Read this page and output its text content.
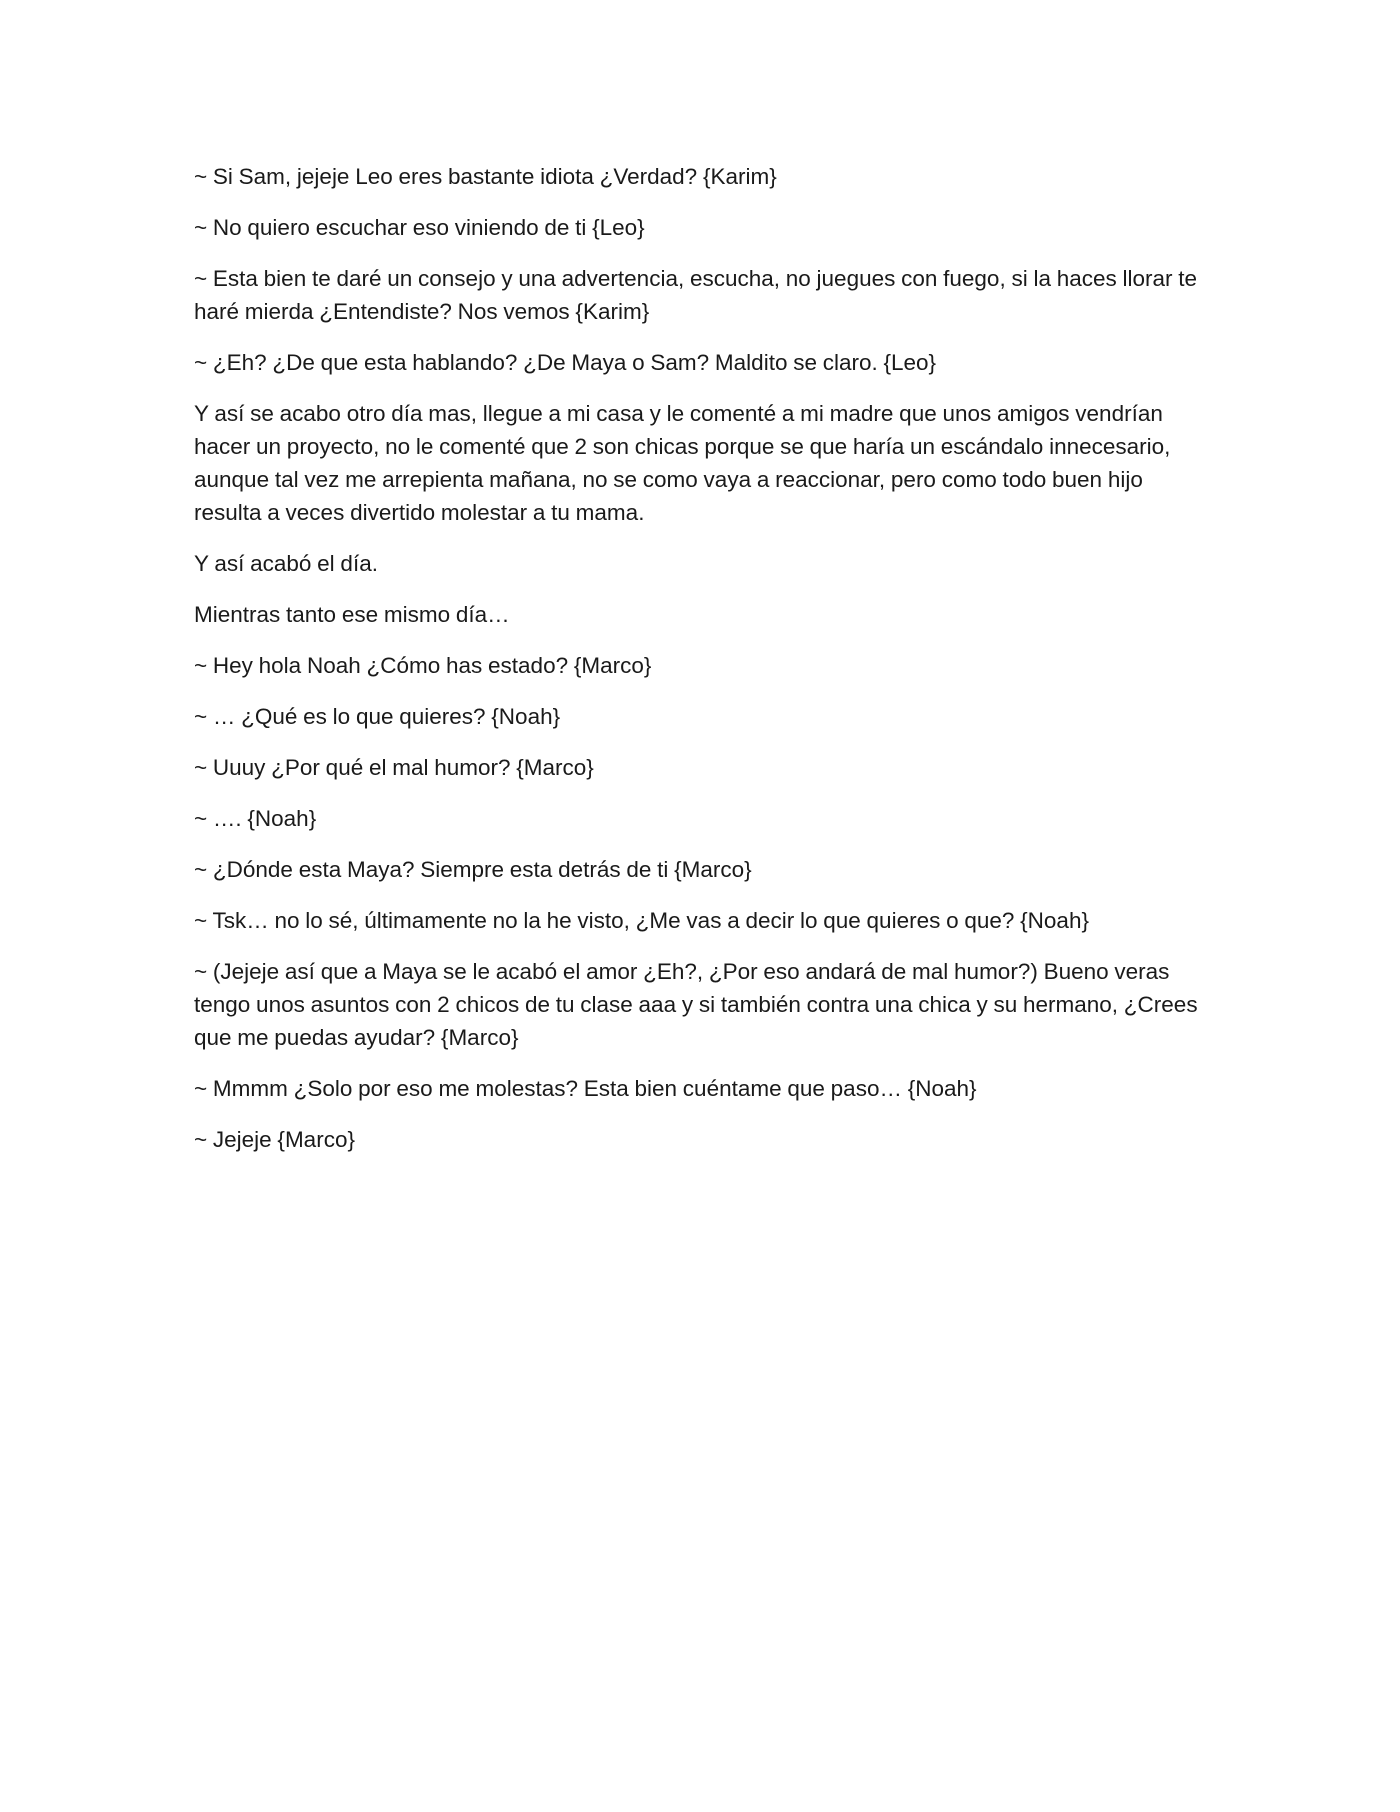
~ Si Sam, jejeje Leo eres bastante idiota ¿Verdad? {Karim}

~ No quiero escuchar eso viniendo de ti {Leo}

~ Esta bien te daré un consejo y una advertencia, escucha, no juegues con fuego, si la haces llorar te haré mierda ¿Entendiste? Nos vemos {Karim}

~ ¿Eh? ¿De que esta hablando? ¿De Maya o Sam? Maldito se claro. {Leo}

Y así se acabo otro día mas, llegue a mi casa y le comenté a mi madre que unos amigos vendrían hacer un proyecto, no le comenté que 2 son chicas porque se que haría un escándalo innecesario, aunque tal vez me arrepienta mañana, no se como vaya a reaccionar, pero como todo buen hijo resulta a veces divertido molestar a tu mama.

Y así acabó el día.

Mientras tanto ese mismo día…

~ Hey hola Noah ¿Cómo has estado? {Marco}

~ … ¿Qué es lo que quieres? {Noah}

~ Uuuy ¿Por qué el mal humor? {Marco}

~ …. {Noah}

~ ¿Dónde esta Maya? Siempre esta detrás de ti {Marco}

~ Tsk… no lo sé, últimamente no la he visto, ¿Me vas a decir lo que quieres o que? {Noah}

~ (Jejeje así que a Maya se le acabó el amor ¿Eh?, ¿Por eso andará de mal humor?) Bueno veras tengo unos asuntos con 2 chicos de tu clase aaa y si también contra una chica y su hermano, ¿Crees que me puedas ayudar? {Marco}

~ Mmmm ¿Solo por eso me molestas? Esta bien cuéntame que paso… {Noah}

~ Jejeje {Marco}
